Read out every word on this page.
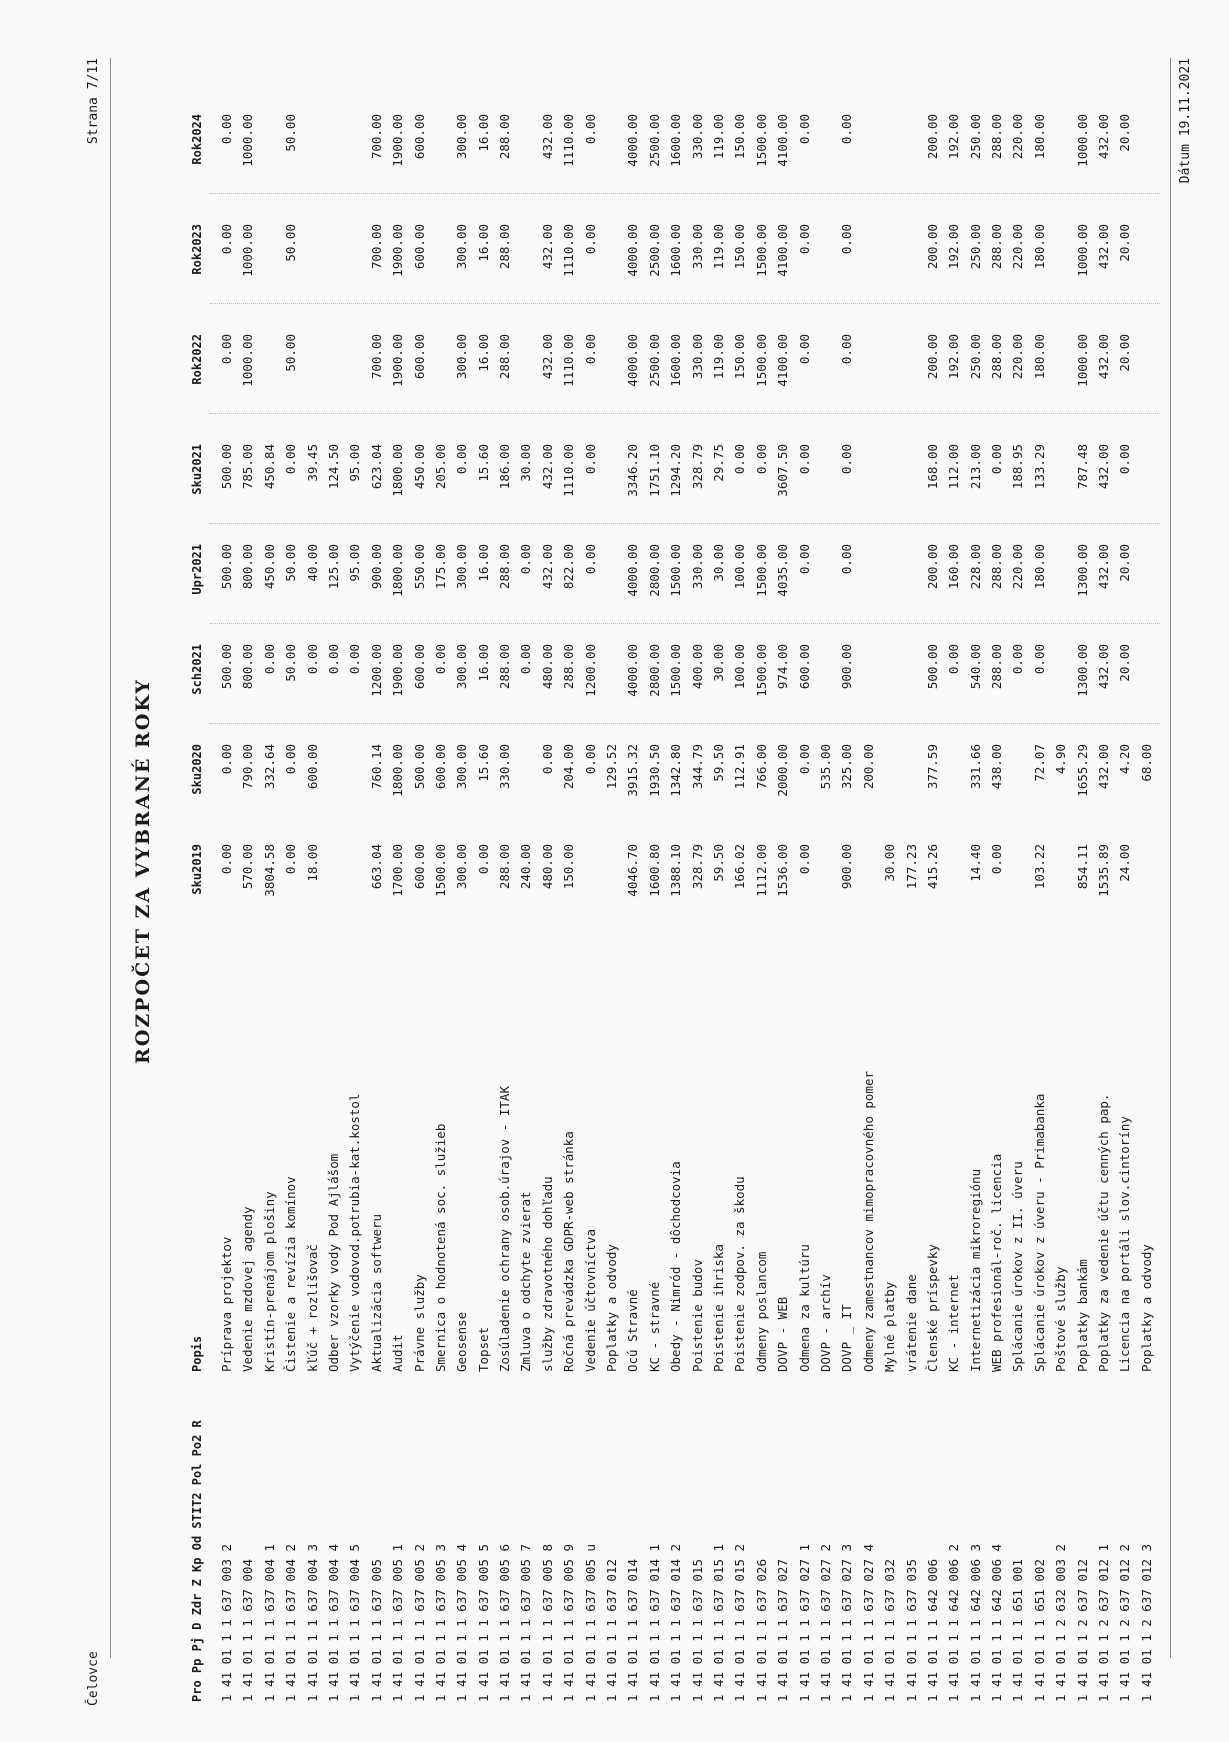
Čelovce
Strana 7/11
ROZPOČET ZA VYBRANÉ ROKY
Pro Pp Pj D Zdr Z Kp Od STIT2 Pol Po2 R
Popis
Sku2019
Sku2020
Sch2021
Upr2021
Sku2021
Rok2022
Rok2023
Rok2024
1 41 01 1 1 637 003 2
Príprava projektov
0.00
0.00
500.00
500.00
500.00
0.00
0.00
0.00
1 41 01 1 1 637 004
Vedenie mzdovej agendy
570.00
790.00
800.00
800.00
785.00
1000.00
1000.00
1000.00
1 41 01 1 1 637 004 1
Kristín-prenájom plošiny
3804.58
332.64
0.00
450.00
450.84
1 41 01 1 1 637 004 2
Čistenie a revízia komínov
0.00
0.00
50.00
50.00
0.00
50.00
50.00
50.00
1 41 01 1 1 637 004 3
kľúč + rozlišovač
18.00
600.00
0.00
40.00
39.45
1 41 01 1 1 637 004 4
Odber vzorky vody Pod Ajlášom
0.00
125.00
124.50
1 41 01 1 1 637 004 5
Vytýčenie vodovod.potrubia-kat.kostol
0.00
95.00
95.00
1 41 01 1 1 637 005
Aktualizácia softweru
663.04
760.14
1200.00
900.00
623.04
700.00
700.00
700.00
1 41 01 1 1 637 005 1
Audit
1700.00
1800.00
1900.00
1800.00
1800.00
1900.00
1900.00
1900.00
1 41 01 1 1 637 005 2
Právne služby
600.00
500.00
600.00
550.00
450.00
600.00
600.00
600.00
1 41 01 1 1 637 005 3
Smernica o hodnotená soc. služieb
1500.00
600.00
0.00
175.00
205.00
1 41 01 1 1 637 005 4
Geosense
300.00
300.00
300.00
300.00
0.00
300.00
300.00
300.00
1 41 01 1 1 637 005 5
Topset
0.00
15.60
16.00
16.00
15.60
16.00
16.00
16.00
1 41 01 1 1 637 005 6
Zosúladenie ochrany osob.úrajov - ITAK
288.00
330.00
288.00
288.00
186.00
288.00
288.00
288.00
1 41 01 1 1 637 005 7
Zmluva o odchyte zvierat
240.00
0.00
0.00
30.00
1 41 01 1 1 637 005 8
služby zdravotného dohľadu
480.00
0.00
480.00
432.00
432.00
432.00
432.00
432.00
1 41 01 1 1 637 005 9
Ročná prevádzka GDPR-web stránka
150.00
204.00
288.00
822.00
1110.00
1110.00
1110.00
1110.00
1 41 01 1 1 637 005 u
Vedenie účtovníctva
0.00
1200.00
0.00
0.00
0.00
0.00
0.00
1 41 01 1 1 637 012
Poplatky a odvody
129.52
1 41 01 1 1 637 014
Ocú Stravné
4046.70
3915.32
4000.00
4000.00
3346.20
4000.00
4000.00
4000.00
1 41 01 1 1 637 014 1
KC - stravné
1600.80
1930.50
2800.00
2800.00
1751.10
2500.00
2500.00
2500.00
1 41 01 1 1 637 014 2
Obedy - Nimród - dôchodcovia
1388.10
1342.80
1500.00
1500.00
1294.20
1600.00
1600.00
1600.00
1 41 01 1 1 637 015
Poistenie budov
328.79
344.79
400.00
330.00
328.79
330.00
330.00
330.00
1 41 01 1 1 637 015 1
Poistenie ihriska
59.50
59.50
30.00
30.00
29.75
119.00
119.00
119.00
1 41 01 1 1 637 015 2
Poistenie zodpov. za škodu
166.02
112.91
100.00
100.00
0.00
150.00
150.00
150.00
1 41 01 1 1 637 026
Odmeny poslancom
1112.00
766.00
1500.00
1500.00
0.00
1500.00
1500.00
1500.00
1 41 01 1 1 637 027
DOVP - WEB
1536.00
2000.00
974.00
4035.00
3607.50
4100.00
4100.00
4100.00
1 41 01 1 1 637 027 1
Odmena za kultúru
0.00
0.00
600.00
0.00
0.00
0.00
0.00
0.00
1 41 01 1 1 637 027 2
DOVP - archív
535.00
1 41 01 1 1 637 027 3
DOVP _ IT
900.00
325.00
900.00
0.00
0.00
0.00
0.00
0.00
1 41 01 1 1 637 027 4
Odmeny zamestnancov mimopracovného pomer
200.00
1 41 01 1 1 637 032
Mylné platby
30.00
1 41 01 1 1 637 035
vrátenie dane
177.23
1 41 01 1 1 642 006
Členské príspevky
415.26
377.59
500.00
200.00
168.00
200.00
200.00
200.00
1 41 01 1 1 642 006 2
KC - internet
0.00
160.00
112.00
192.00
192.00
192.00
1 41 01 1 1 642 006 3
Internetizácia mikroregiónu
14.40
331.66
540.00
228.00
213.00
250.00
250.00
250.00
1 41 01 1 1 642 006 4
WEB profesionál-roč. licencia
0.00
438.00
288.00
288.00
0.00
288.00
288.00
288.00
1 41 01 1 1 651 001
Splácanie úrokov z II. úveru
0.00
220.00
188.95
220.00
220.00
220.00
1 41 01 1 1 651 002
Splácanie úrokov z úveru - Primabanka
103.22
72.07
0.00
180.00
133.29
180.00
180.00
180.00
1 41 01 1 2 632 003 2
Poštové služby
4.90
1 41 01 1 2 637 012
Poplatky bankám
854.11
1655.29
1300.00
1300.00
787.48
1000.00
1000.00
1000.00
1 41 01 1 2 637 012 1
Poplatky za vedenie účtu cenných pap.
1535.89
432.00
432.00
432.00
432.00
432.00
432.00
432.00
1 41 01 1 2 637 012 2
Licencia na portáli slov.cintoríny
24.00
4.20
20.00
20.00
0.00
20.00
20.00
20.00
1 41 01 1 2 637 012 3
Poplatky a odvody
68.00
Dátum 19.11.2021
